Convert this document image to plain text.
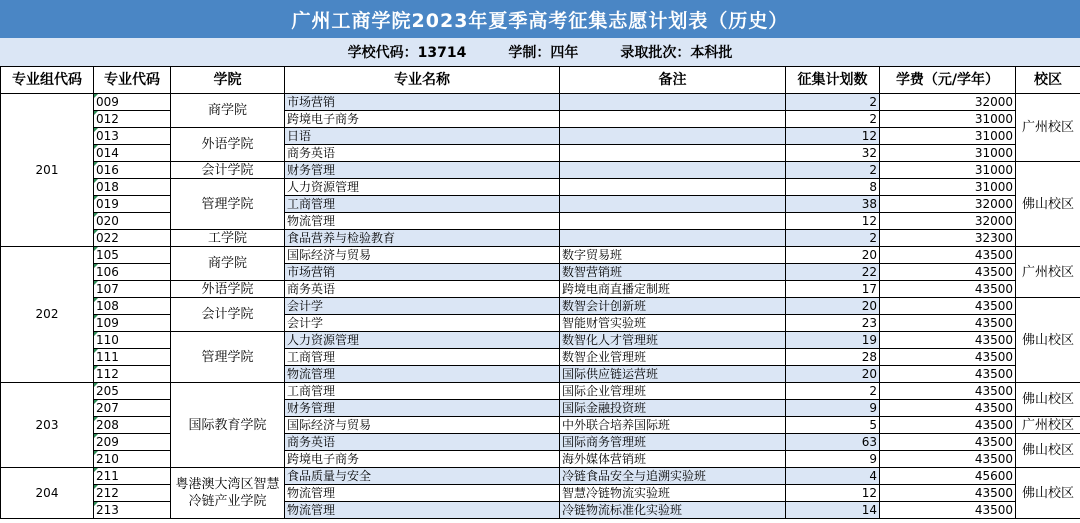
广州工商学院2023年夏季高考征集志愿计划表（历史）
学校代码：13714	学制：四年	录取批次：本科批
专业组代码	专业代码	学院	专业名称	备注	征集计划数	学费（元/学年）	校区
201	009	商学院	市场营销		2	32000	广州校区
	012		跨境电子商务		2	31000	
	013	外语学院	日语		12	31000	
	014		商务英语		32	31000	
	016	会计学院	财务管理		2	31000	佛山校区
	018	管理学院	人力资源管理		8	31000	
	019		工商管理		38	32000	
	020		物流管理		12	32000	
	022	工学院	食品营养与检验教育		2	32300	
202	105	商学院	国际经济与贸易	数字贸易班	20	43500	广州校区
	106		市场营销	数智营销班	22	43500	
	107	外语学院	商务英语	跨境电商直播定制班	17	43500	
	108	会计学院	会计学	数智会计创新班	20	43500	佛山校区
	109		会计学	智能财管实验班	23	43500	
	110	管理学院	人力资源管理	数智化人才管理班	19	43500	
	111		工商管理	数智企业管理班	28	43500	
	112		物流管理	国际供应链运营班	20	43500	
203	205	国际教育学院	工商管理	国际企业管理班	2	43500	佛山校区
	207		财务管理	国际金融投资班	9	43500	
	208		国际经济与贸易	中外联合培养国际班	5	43500	广州校区
	209		商务英语	国际商务管理班	63	43500	佛山校区
	210		跨境电子商务	海外媒体营销班	9	43500	
204	211	粤港澳大湾区智慧冷链产业学院	食品质量与安全	冷链食品安全与追溯实验班	4	45600	佛山校区
	212		物流管理	智慧冷链物流实验班	12	43500	
	213		物流管理	冷链物流标准化实验班	14	43500	
